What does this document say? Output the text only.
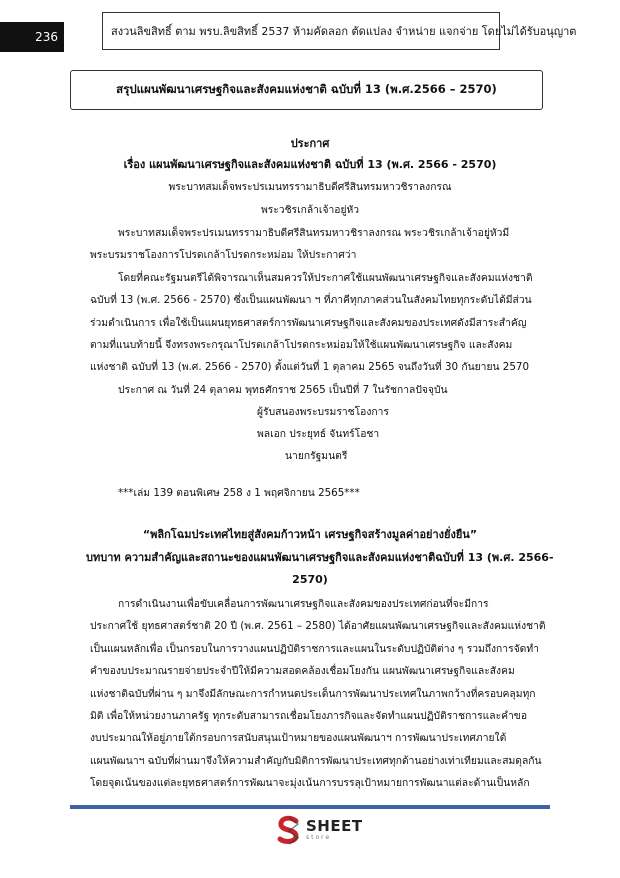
236	สงวนลิขสิทธิ์ ตาม พรบ.ลิขสิทธิ์ 2537 ห้ามคัดลอก ตัดแปลง จำหน่าย แจกจ่าย โดยไม่ได้รับอนุญาต
สรุปแผนพัฒนาเศรษฐกิจและสังคมแห่งชาติ ฉบับที่ 13 (พ.ศ.2566 – 2570)
ประกาศ
เรื่อง แผนพัฒนาเศรษฐกิจและสังคมแห่งชาติ ฉบับที่ 13 (พ.ศ. 2566 - 2570)
พระบาทสมเด็จพระปรเมนทรรามาธิบดีศรีสินทรมหาวชิราลงกรณ
พระวชิรเกล้าเจ้าอยู่หัว
พระบาทสมเด็จพระปรเมนทรรามาธิบดีศรีสินทรมหาวชิราลงกรณ พระวชิรเกล้าเจ้าอยู่หัวมี
พระบรมราชโองการโปรดเกล้าโปรดกระหม่อม ให้ประกาศว่า
โดยที่คณะรัฐมนตรีได้พิจารณาเห็นสมควรให้ประกาศใช้แผนพัฒนาเศรษฐกิจและสังคมแห่งชาติ
ฉบับที่ 13 (พ.ศ. 2566 - 2570) ซึ่งเป็นแผนพัฒนา ฯ ที่ภาคีทุกภาคส่วนในสังคมไทยทุกระดับได้มีส่วน
ร่วมดำเนินการ เพื่อใช้เป็นแผนยุทธศาสตร์การพัฒนาเศรษฐกิจและสังคมของประเทศดังมีสาระสำคัญ
ตามที่แนบท้ายนี้ จึงทรงพระกรุณาโปรดเกล้าโปรดกระหม่อมให้ใช้แผนพัฒนาเศรษฐกิจ และสังคม
แห่งชาติ ฉบับที่ 13 (พ.ศ. 2566 - 2570) ตั้งแต่วันที่ 1 ตุลาคม 2565 จนถึงวันที่ 30 กันยายน 2570
ประกาศ ณ วันที่ 24 ตุลาคม พุทธศักราช 2565 เป็นปีที่ 7 ในรัชกาลปัจจุบัน
ผู้รับสนองพระบรมราชโองการ
พลเอก ประยุทธ์ จันทร์โอชา
นายกรัฐมนตรี
***เล่ม 139 ตอนพิเศษ 258 ง 1 พฤศจิกายน 2565***
“พลิกโฉมประเทศไทยสู่สังคมก้าวหน้า เศรษฐกิจสร้างมูลค่าอย่างยั่งยืน”
บทบาท ความสำคัญและสถานะของแผนพัฒนาเศรษฐกิจและสังคมแห่งชาติฉบับที่ 13 (พ.ศ. 2566-
2570)
การดำเนินงานเพื่อขับเคลื่อนการพัฒนาเศรษฐกิจและสังคมของประเทศก่อนที่จะมีการ
ประกาศใช้ ยุทธศาสตร์ชาติ 20 ปี (พ.ศ. 2561 – 2580) ได้อาศัยแผนพัฒนาเศรษฐกิจและสังคมแห่งชาติ
เป็นแผนหลักเพื่อ เป็นกรอบในการวางแผนปฏิบัติราชการและแผนในระดับปฏิบัติต่าง ๆ รวมถึงการจัดทำ
คำของบประมาณรายจ่ายประจำปีให้มีความสอดคล้องเชื่อมโยงกัน แผนพัฒนาเศรษฐกิจและสังคม
แห่งชาติฉบับที่ผ่าน ๆ มาจึงมีลักษณะการกำหนดประเด็นการพัฒนาประเทศในภาพกว้างที่ครอบคลุมทุก
มิติ เพื่อให้หน่วยงานภาครัฐ ทุกระดับสามารถเชื่อมโยงภารกิจและจัดทำแผนปฏิบัติราชการและคำขอ
งบประมาณให้อยู่ภายใต้กรอบการสนับสนุนเป้าหมายของแผนพัฒนาฯ การพัฒนาประเทศภายใต้
แผนพัฒนาฯ ฉบับที่ผ่านมาจึงให้ความสำคัญกับมิติการพัฒนาประเทศทุกด้านอย่างเท่าเทียมและสมดุลกัน
โดยจุดเน้นของแต่ละยุทธศาสตร์การพัฒนาจะมุ่งเน้นการบรรลุเป้าหมายการพัฒนาแต่ละด้านเป็นหลัก
SHEET
store
